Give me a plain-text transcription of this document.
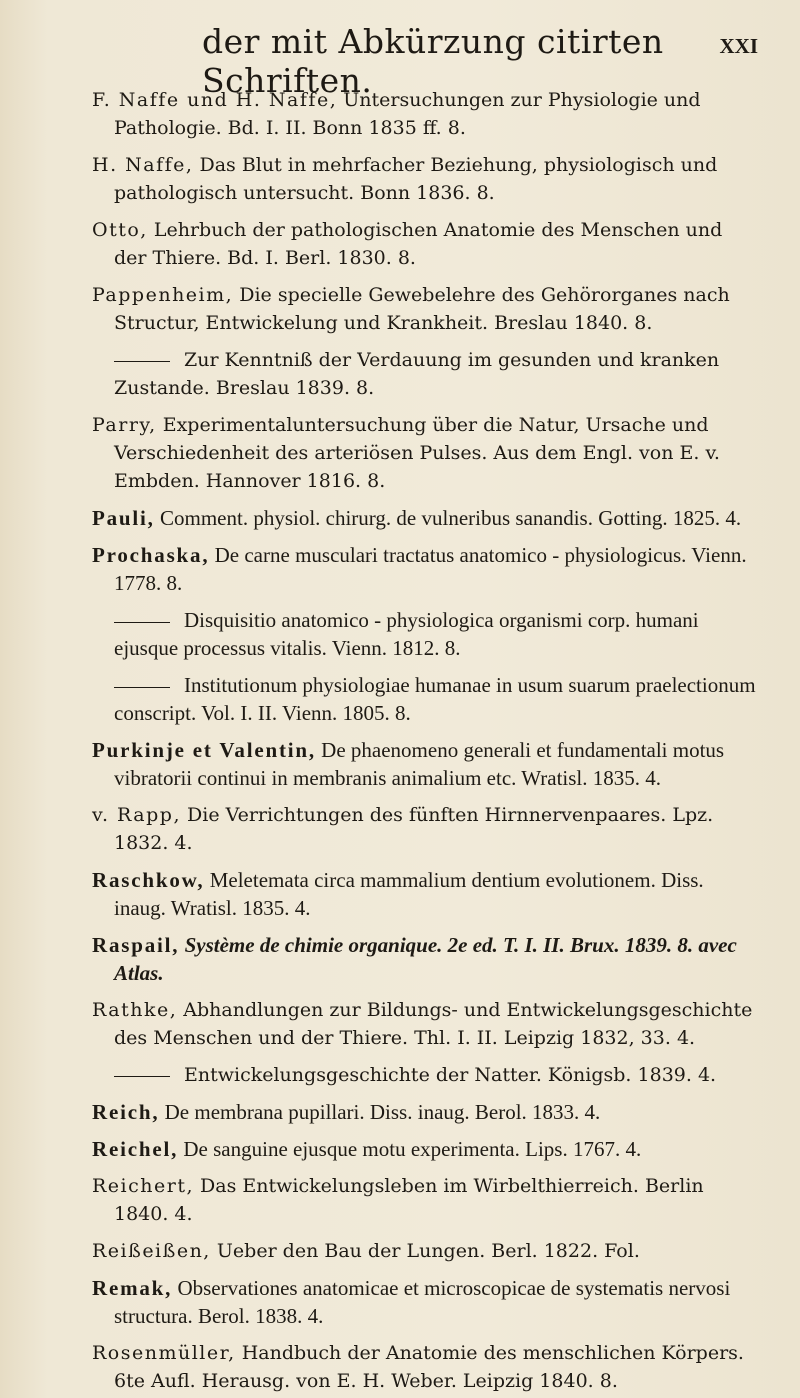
der mit Abkürzung citirten Schriften.
XXI

F. Naffe und H. Naffe, Untersuchungen zur Physiologie und Pathologie. Bd. I. II. Bonn 1835 ff. 8.

H. Naffe, Das Blut in mehrfacher Beziehung, physiologisch und pathologisch untersucht. Bonn 1836. 8.

Otto, Lehrbuch der pathologischen Anatomie des Menschen und der Thiere. Bd. I. Berl. 1830. 8.

Pappenheim, Die specielle Gewebelehre des Gehörorganes nach Structur, Entwickelung und Krankheit. Breslau 1840. 8.

Zur Kenntniß der Verdauung im gesunden und kranken Zustande. Breslau 1839. 8.

Parry, Experimentaluntersuchung über die Natur, Ursache und Verschiedenheit des arteriösen Pulses. Aus dem Engl. von E. v. Embden. Hannover 1816. 8.

Pauli, Comment. physiol. chirurg. de vulneribus sanandis. Gotting. 1825. 4.

Prochaska, De carne musculari tractatus anatomico - physiologicus. Vienn. 1778. 8.

Disquisitio anatomico - physiologica organismi corp. humani ejusque processus vitalis. Vienn. 1812. 8.

Institutionum physiologiae humanae in usum suarum praelectionum conscript. Vol. I. II. Vienn. 1805. 8.

Purkinje et Valentin, De phaenomeno generali et fundamentali motus vibratorii continui in membranis animalium etc. Wratisl. 1835. 4.

v. Rapp, Die Verrichtungen des fünften Hirnnervenpaares. Lpz. 1832. 4.

Raschkow, Meletemata circa mammalium dentium evolutionem. Diss. inaug. Wratisl. 1835. 4.

Raspail, Système de chimie organique. 2e ed. T. I. II. Brux. 1839. 8. avec Atlas.

Rathke, Abhandlungen zur Bildungs- und Entwickelungsgeschichte des Menschen und der Thiere. Thl. I. II. Leipzig 1832, 33. 4.

Entwickelungsgeschichte der Natter. Königsb. 1839. 4.

Reich, De membrana pupillari. Diss. inaug. Berol. 1833. 4.

Reichel, De sanguine ejusque motu experimenta. Lips. 1767. 4.

Reichert, Das Entwickelungsleben im Wirbelthierreich. Berlin 1840. 4.

Reißeißen, Ueber den Bau der Lungen. Berl. 1822. Fol.

Remak, Observationes anatomicae et microscopicae de systematis nervosi structura. Berol. 1838. 4.

Rosenmüller, Handbuch der Anatomie des menschlichen Körpers. 6te Aufl. Herausg. von E. H. Weber. Leipzig 1840. 8.
